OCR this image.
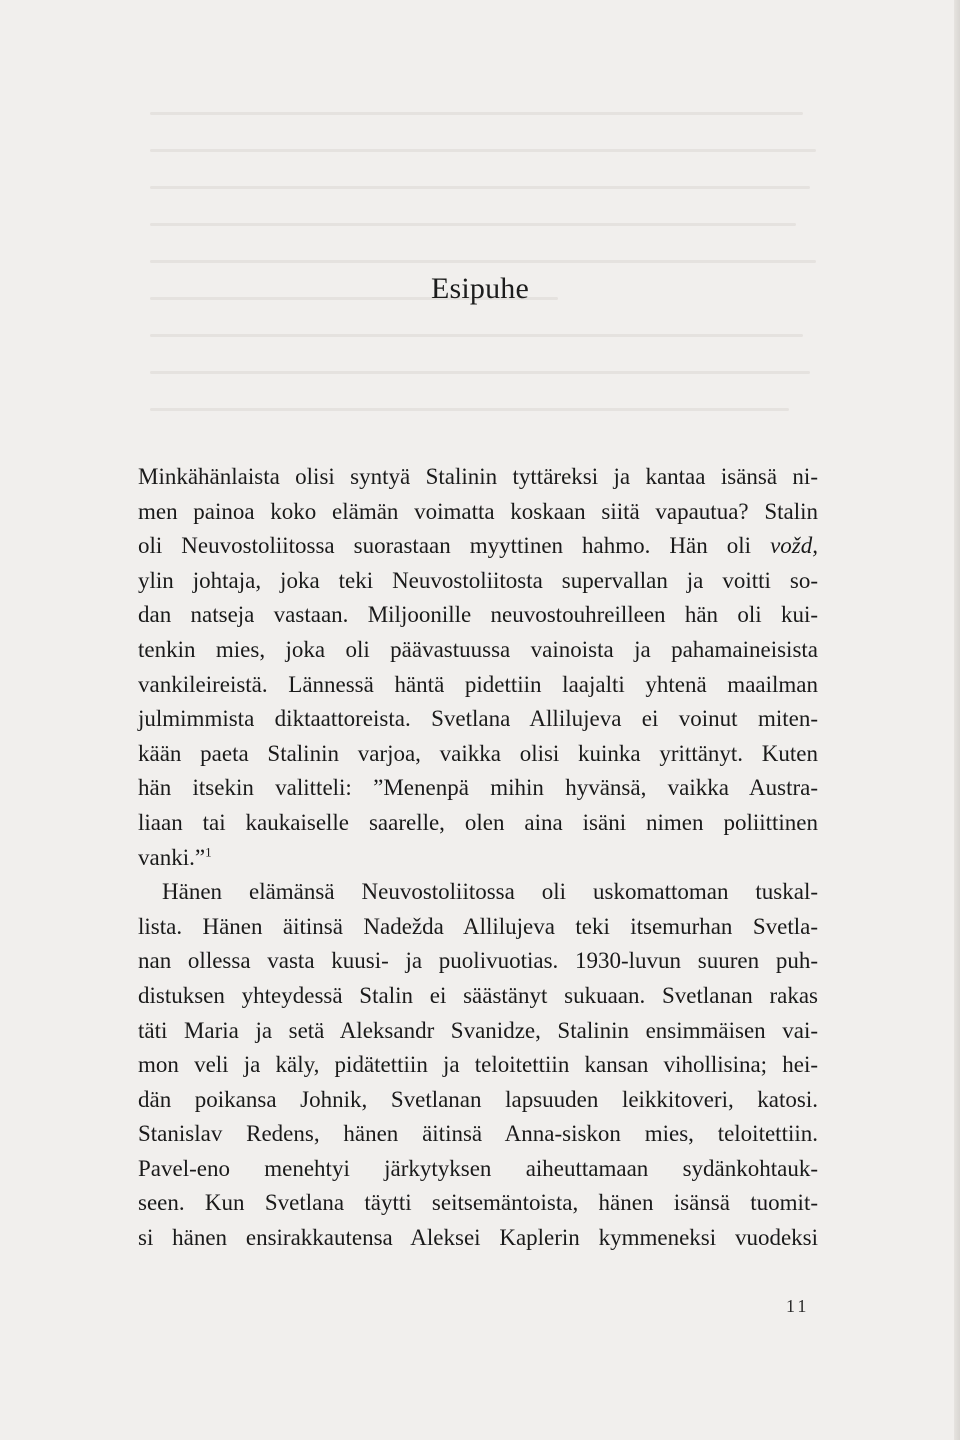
Esipuhe
Minkähänlaista olisi syntyä Stalinin tyttäreksi ja kantaa isänsä ni-
men painoa koko elämän voimatta koskaan siitä vapautua? Stalin
oli Neuvostoliitossa suorastaan myyttinen hahmo. Hän oli vožd,
ylin johtaja, joka teki Neuvostoliitosta supervallan ja voitti so-
dan natseja vastaan. Miljoonille neuvostouhreilleen hän oli kui-
tenkin mies, joka oli päävastuussa vainoista ja pahamaineisista
vankileireistä. Lännessä häntä pidettiin laajalti yhtenä maailman
julmimmista diktaattoreista. Svetlana Allilujeva ei voinut miten-
kään paeta Stalinin varjoa, vaikka olisi kuinka yrittänyt. Kuten
hän itsekin valitteli: ”Menenpä mihin hyvänsä, vaikka Austra-
liaan tai kaukaiselle saarelle, olen aina isäni nimen poliittinen
vanki.”$^1$
Hänen elämänsä Neuvostoliitossa oli uskomattoman tuskal-
lista. Hänen äitinsä Nadežda Allilujeva teki itsemurhan Svetla-
nan ollessa vasta kuusi- ja puolivuotias. 1930-luvun suuren puh-
distuksen yhteydessä Stalin ei säästänyt sukuaan. Svetlanan rakas
täti Maria ja setä Aleksandr Svanidze, Stalinin ensimmäisen vai-
mon veli ja käly, pidätettiin ja teloitettiin kansan vihollisina; hei-
dän poikansa Johnik, Svetlanan lapsuuden leikkitoveri, katosi.
Stanislav Redens, hänen äitinsä Anna-siskon mies, teloitettiin.
Pavel-eno menehtyi järkytyksen aiheuttamaan sydänkohtauk-
seen. Kun Svetlana täytti seitsemäntoista, hänen isänsä tuomit-
si hänen ensirakkautensa Aleksei Kaplerin kymmeneksi vuodeksi
11
